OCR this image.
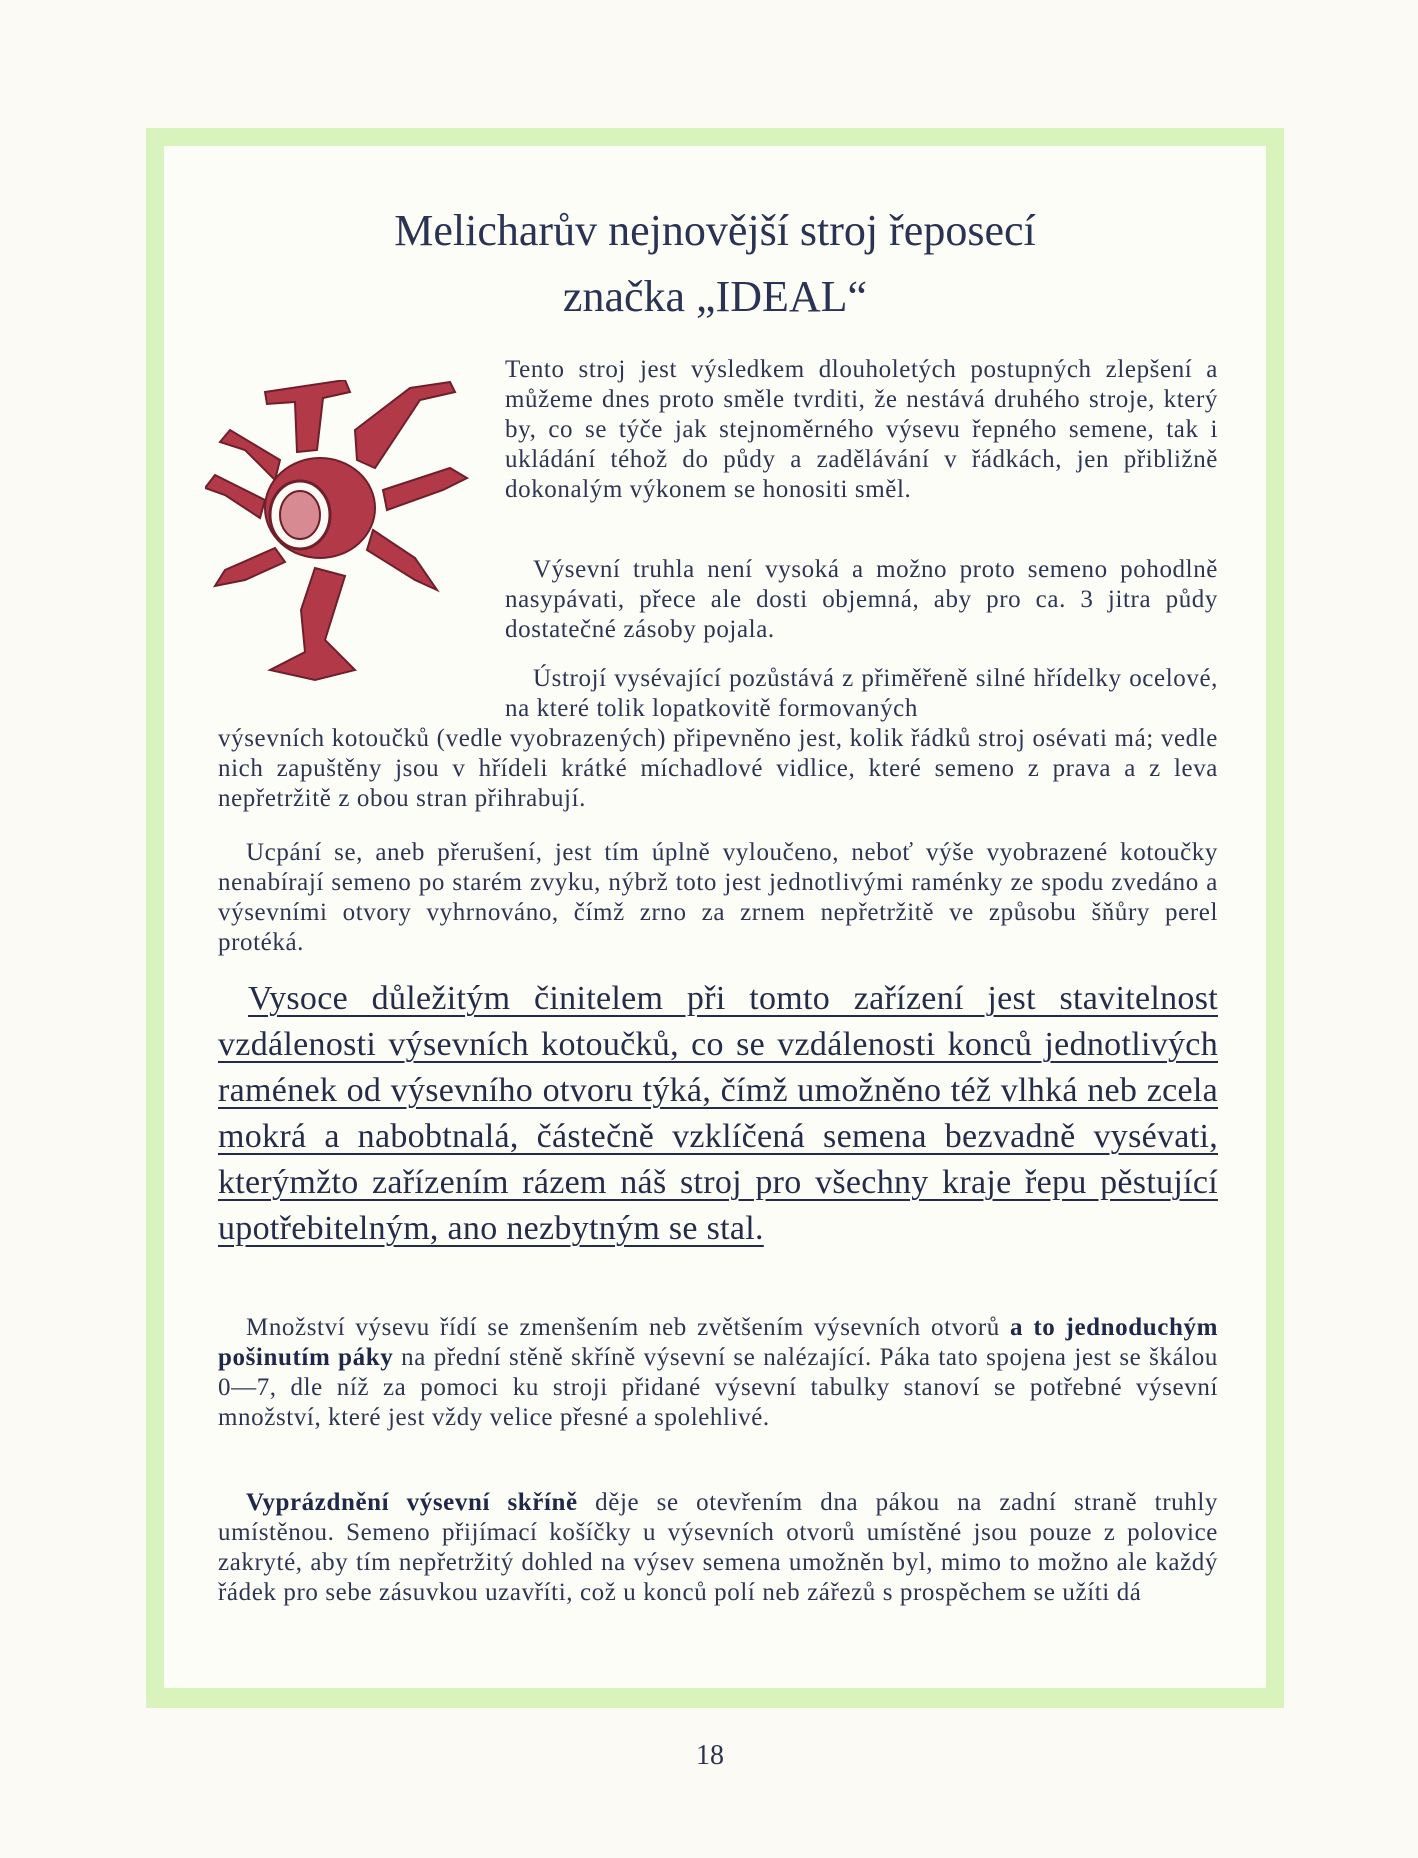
Melicharův nejnovější stroj řeposecí
značka „IDEAL“

Tento stroj jest výsledkem dlouholetých postupných zlepšení a můžeme dnes proto směle tvrditi, že nestává druhého stroje, který by, co se týče jak stejnoměrného výsevu řepného semene, tak i ukládání téhož do půdy a zadělávání v řádkách, jen přibližně dokonalým výkonem se honositi směl.

Výsevní truhla není vysoká a možno proto semeno pohodlně nasypávati, přece ale dosti objemná, aby pro ca. 3 jitra půdy dostatečné zásoby pojala.

Ústrojí vysévající pozůstává z přiměřeně silné hřídelky ocelové, na které tolik lopatkovitě formovaných
výsevních kotoučků (vedle vyobrazených) připevněno jest, kolik řádků stroj osévati má; vedle nich zapuštěny jsou v hřídeli krátké míchadlové vidlice, které semeno z prava a z leva nepřetržitě z obou stran přihrabují.

Ucpání se, aneb přerušení, jest tím úplně vyloučeno, neboť výše vyobrazené kotoučky nenabírají semeno po starém zvyku, nýbrž toto jest jednotlivými raménky ze spodu zvedáno a výsevními otvory vyhrnováno, čímž zrno za zrnem nepřetržitě ve způsobu šňůry perel protéká.

Vysoce důležitým činitelem při tomto zařízení jest stavitelnost vzdálenosti výsevních kotoučků, co se vzdálenosti konců jednotlivých ramének od výsevního otvoru týká, čímž umožněno též vlhká neb zcela mokrá a nabobtnalá, částečně vzklíčená semena bezvadně vysévati, kterýmžto zařízením rázem náš stroj pro všechny kraje řepu pěstující upotřebitelným, ano nezbytným se stal.

Množství výsevu řídí se zmenšením neb zvětšením výsevních otvorů a to jednoduchým pošinutím páky na přední stěně skříně výsevní se nalézající. Páka tato spojena jest se škálou 0—7, dle níž za pomoci ku stroji přidané výsevní tabulky stanoví se potřebné výsevní množství, které jest vždy velice přesné a spolehlivé.

Vyprázdnění výsevní skříně děje se otevřením dna pákou na zadní straně truhly umístěnou. Semeno přijímací košíčky u výsevních otvorů umístěné jsou pouze z polovice zakryté, aby tím nepřetržitý dohled na výsev semena umožněn byl, mimo to možno ale každý řádek pro sebe zásuvkou uzavříti, což u konců polí neb zářezů s prospěchem se užíti dá

18
